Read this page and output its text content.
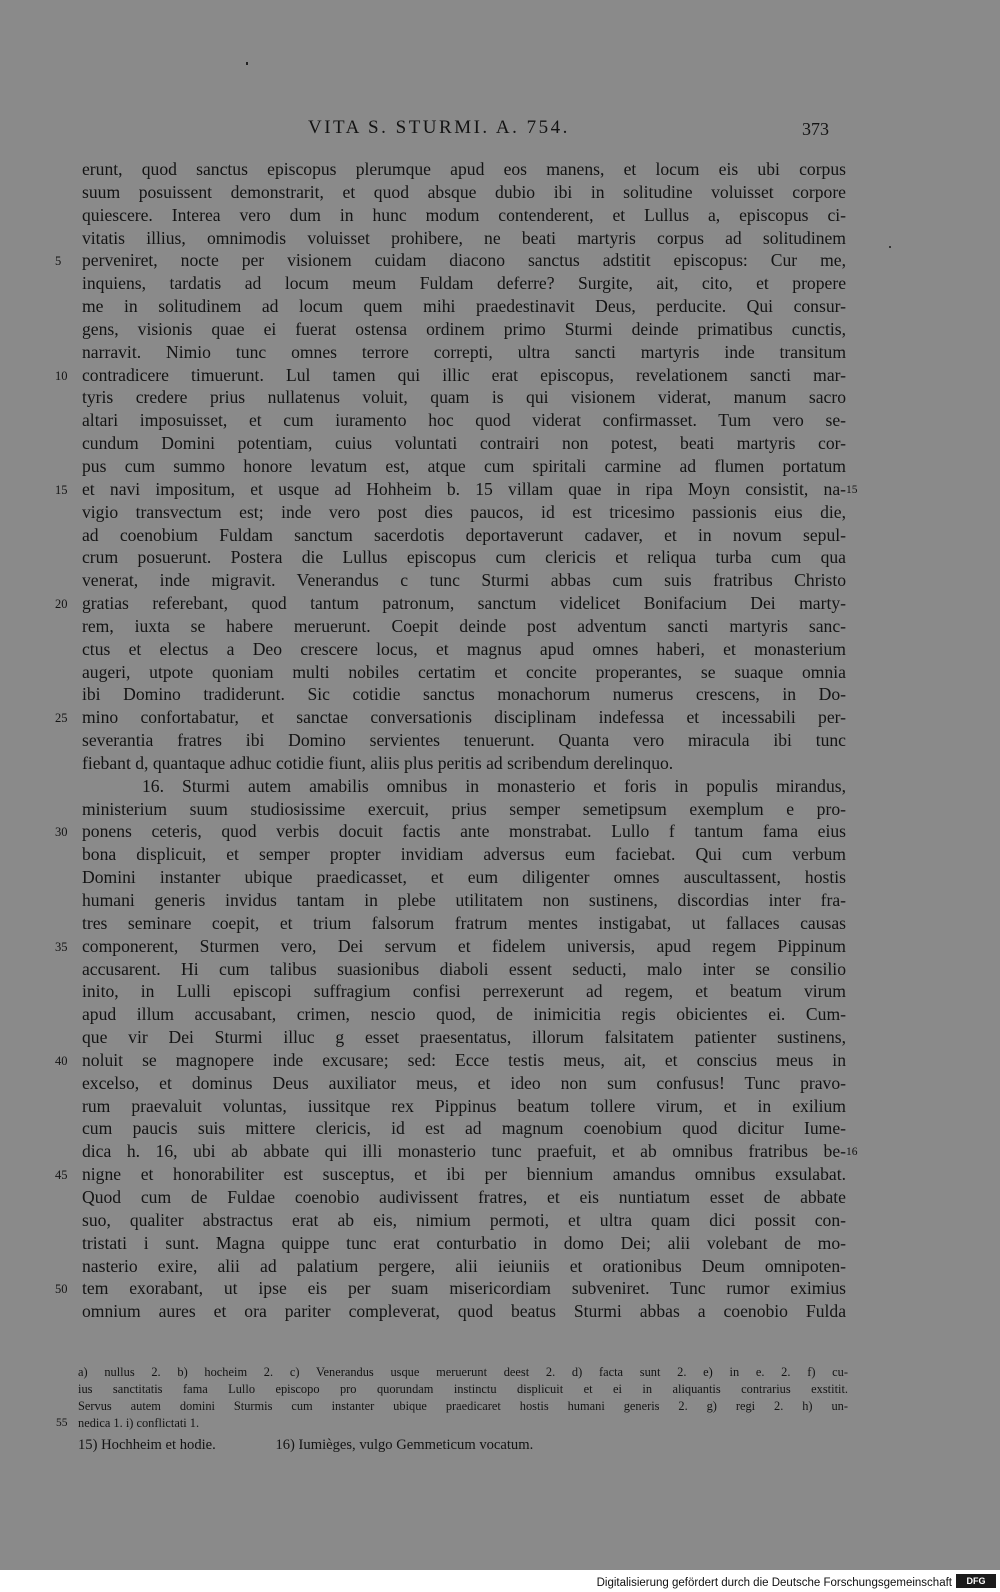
VITA S. STURMI. A. 754.	373
erunt, quod sanctus episcopus plerumque apud eos manens, et locum eis ubi corpus
suum posuissent demonstrarit, et quod absque dubio ibi in solitudine voluisset corpore
quiescere. Interea vero dum in hunc modum contenderent, et Lullus a, episcopus ci-
vitatis illius, omnimodis voluisset prohibere, ne beati martyris corpus ad solitudinem
5	perveniret, nocte per visionem cuidam diacono sanctus adstitit episcopus: Cur me,
inquiens, tardatis ad locum meum Fuldam deferre? Surgite, ait, cito, et propere
me in solitudinem ad locum quem mihi praedestinavit Deus, perducite. Qui consur-
gens, visionis quae ei fuerat ostensa ordinem primo Sturmi deinde primatibus cunctis,
narravit. Nimio tunc omnes terrore correpti, ultra sancti martyris inde transitum
10 contradicere timuerunt. Lul tamen qui illic erat episcopus, revelationem sancti mar-
tyris credere prius nullatenus voluit, quam is qui visionem viderat, manum sacro
altari imposuisset, et cum iuramento hoc quod viderat confirmasset. Tum vero se-
cundum Domini potentiam, cuius voluntati contrairi non potest, beati martyris cor-
pus cum summo honore levatum est, atque cum spiritali carmine ad flumen portatum
15 et navi impositum, et usque ad Hohheim b. 15 villam quae in ripa Moyn consistit, na- 15
vigio transvectum est; inde vero post dies paucos, id est tricesimo passionis eius die,
ad coenobium Fuldam sanctum sacerdotis deportaverunt cadaver, et in novum sepul-
crum posuerunt. Postera die Lullus episcopus cum clericis et reliqua turba cum qua
venerat, inde migravit. Venerandus c tunc Sturmi abbas cum suis fratribus Christo
20 gratias referebant, quod tantum patronum, sanctum videlicet Bonifacium Dei marty-
rem, iuxta se habere meruerunt. Coepit deinde post adventum sancti martyris sanc-
ctus et electus a Deo crescere locus, et magnus apud omnes haberi, et monasterium
augeri, utpote quoniam multi nobiles certatim et concite properantes, se suaque omnia
ibi Domino tradiderunt. Sic cotidie sanctus monachorum numerus crescens, in Do-
25 mino confortabatur, et sanctae conversationis disciplinam indefessa et incessabili per-
severantia fratres ibi Domino servientes tenuerunt. Quanta vero miracula ibi tunc
fiebant d, quantaque adhuc cotidie fiunt, aliis plus peritis ad scribendum derelinquo.
16. Sturmi autem amabilis omnibus in monasterio et foris in populis mirandus,
ministerium suum studiosissime exercuit, prius semper semetipsum exemplum e pro-
30 ponens ceteris, quod verbis docuit factis ante monstrabat. Lullo f tantum fama eius
bona displicuit, et semper propter invidiam adversus eum faciebat. Qui cum verbum
Domini instanter ubique praedicasset, et eum diligenter omnes auscultassent, hostis
humani generis invidus tantam in plebe utilitatem non sustinens, discordias inter fra-
tres seminare coepit, et trium falsorum fratrum mentes instigabat, ut fallaces causas
35 componerent, Sturmen vero, Dei servum et fidelem universis, apud regem Pippinum
accusarent. Hi cum talibus suasionibus diaboli essent seducti, malo inter se consilio
inito, in Lulli episcopi suffragium confisi perrexerunt ad regem, et beatum virum
apud illum accusabant, crimen, nescio quod, de inimicitia regis obicientes ei. Cum-
que vir Dei Sturmi illuc g esset praesentatus, illorum falsitatem patienter sustinens,
40 noluit se magnopere inde excusare; sed: Ecce testis meus, ait, et conscius meus in
excelso, et dominus Deus auxiliator meus, et ideo non sum confusus! Tunc pravo-
rum praevaluit voluntas, iussitque rex Pippinus beatum tollere virum, et in exilium
cum paucis suis mittere clericis, id est ad magnum coenobium quod dicitur Iume-
dica h. 16, ubi ab abbate qui illi monasterio tunc praefuit, et ab omnibus fratribus be- 16
45 nigne et honorabiliter est susceptus, et ibi per biennium amandus omnibus exsulabat.
Quod cum de Fuldae coenobio audivissent fratres, et eis nuntiatum esset de abbate
suo, qualiter abstractus erat ab eis, nimium permoti, et ultra quam dici possit con-
tristati i sunt. Magna quippe tunc erat conturbatio in domo Dei; alii volebant de mo-
nasterio exire, alii ad palatium pergere, alii ieiuniis et orationibus Deum omnipoten-
50 tem exorabant, ut ipse eis per suam misericordiam subveniret. Tunc rumor eximius
omnium aures et ora pariter compleverat, quod beatus Sturmi abbas a coenobio Fulda
a) nullus 2. b) hocheim 2. c) Venerandus usque meruerunt deest 2. d) facta sunt 2. e) in e. 2. f) cu-
ius sanctitatis fama Lullo episcopo pro quorundam instinctu displicuit et ei in aliquantis contrarius exstitit.
Servus autem domini Sturmis cum instanter ubique praedicaret hostis humani generis 2. g) regi 2. h) un-
55 nedica 1. i) conflictati 1.
15) Hochheim et hodie.	16) Iumièges, vulgo Gemmeticum vocatum.
Digitalisierung gefördert durch die Deutsche Forschungsgemeinschaft	DFG
